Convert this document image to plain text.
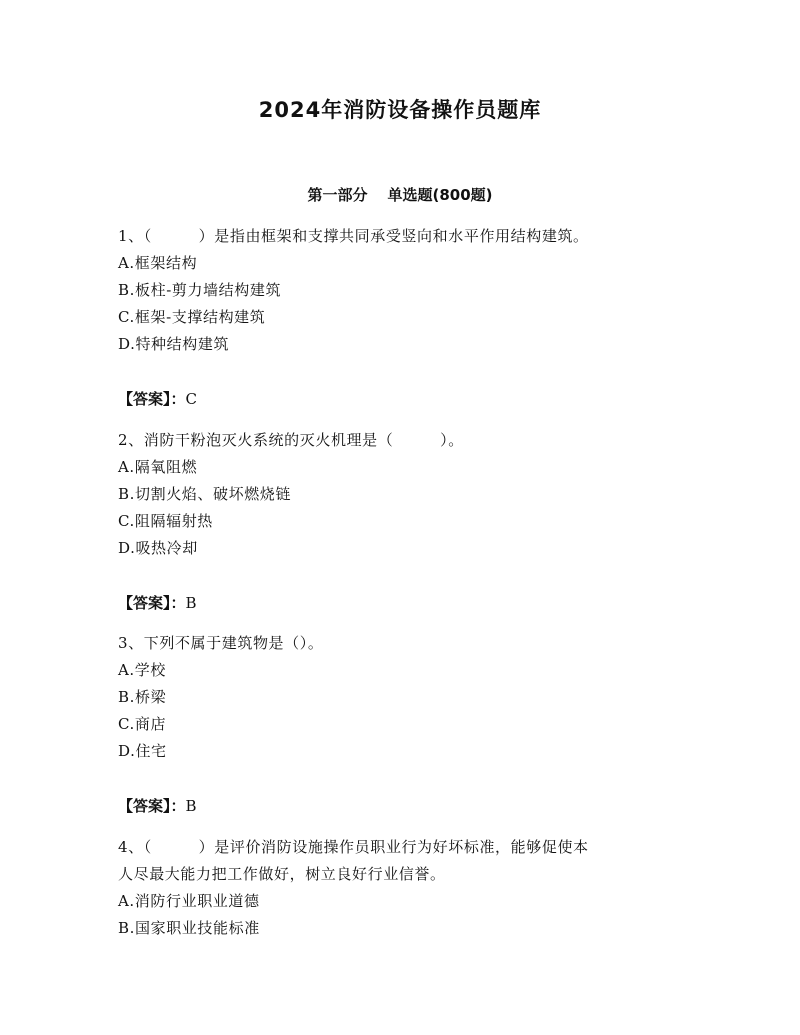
2024年消防设备操作员题库
第一部分 单选题(800题)
1、（　　　）是指由框架和支撑共同承受竖向和水平作用结构建筑。
A.框架结构
B.板柱-剪力墙结构建筑
C.框架-支撑结构建筑
D.特种结构建筑
【答案】：C
2、消防干粉泡灭火系统的灭火机理是（　　　）。
A.隔氧阻燃
B.切割火焰、破坏燃烧链
C.阻隔辐射热
D.吸热冷却
【答案】：B
3、下列不属于建筑物是（）。
A.学校
B.桥梁
C.商店
D.住宅
【答案】：B
4、（　　　）是评价消防设施操作员职业行为好坏标准，能够促使本
人尽最大能力把工作做好，树立良好行业信誉。
A.消防行业职业道德
B.国家职业技能标准
